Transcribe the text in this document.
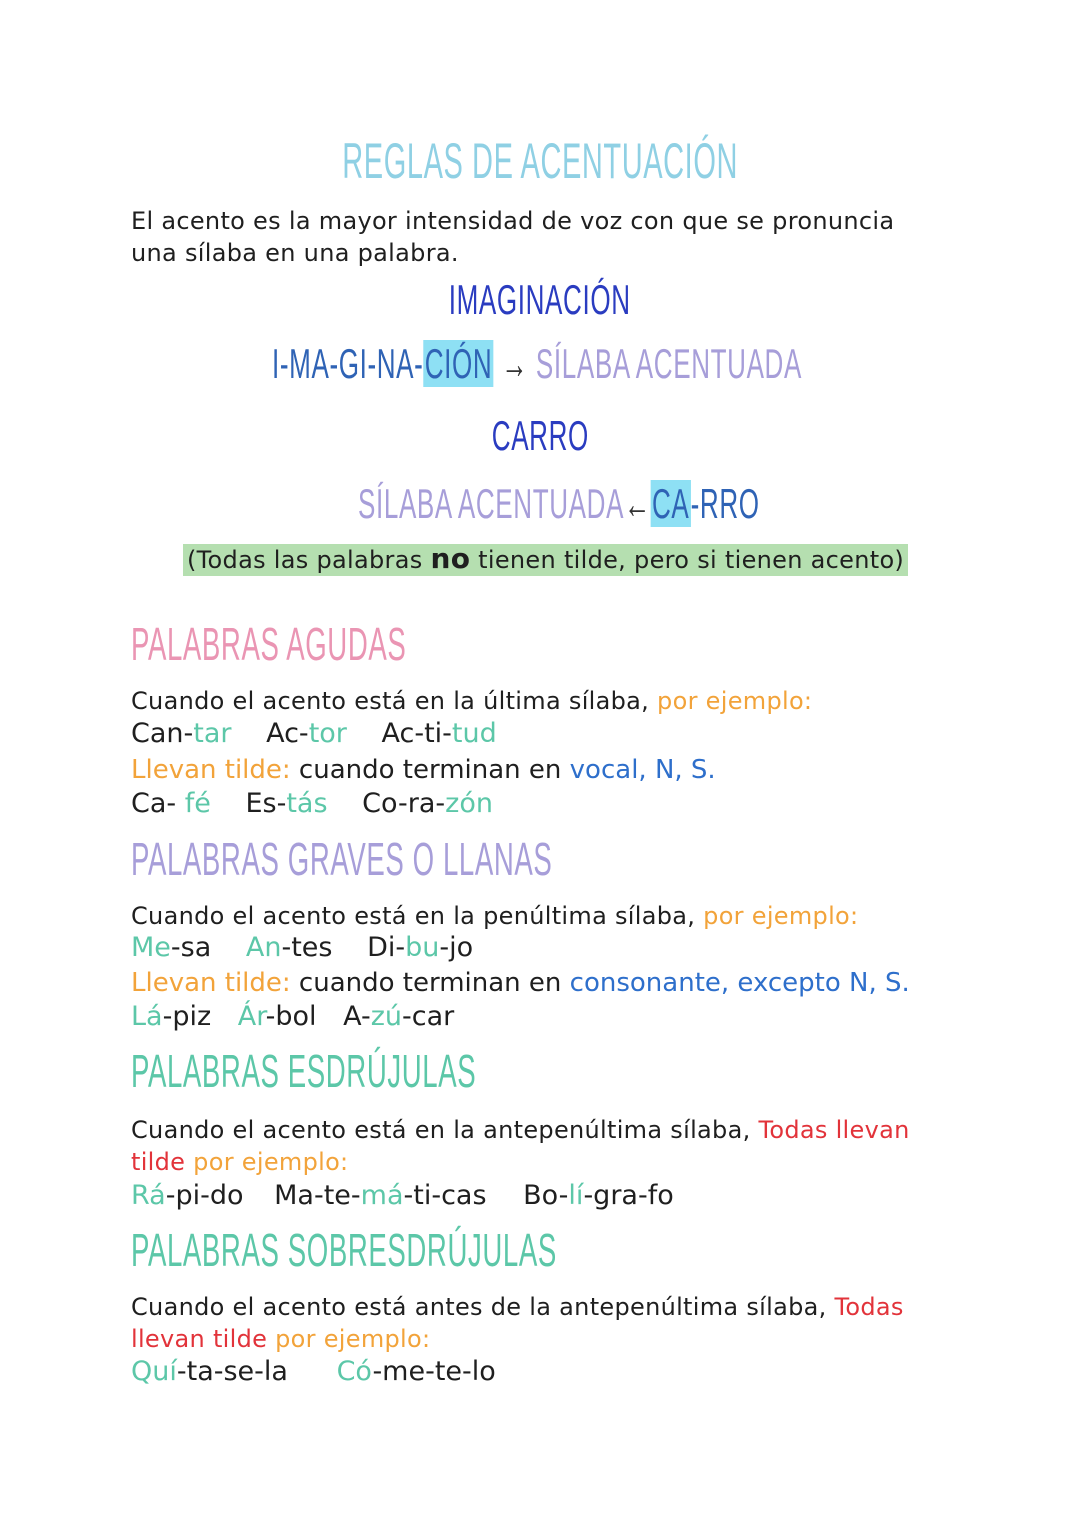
REGLAS DE ACENTUACIÓN
El acento es la mayor intensidad de voz con que se pronuncia
una sílaba en una palabra.
IMAGINACIÓN
I-MA-GI-NA-CIÓN → SÍLABA ACENTUADA
CARRO
SÍLABA ACENTUADA←CA-RRO
(Todas las palabras no tienen tilde, pero si tienen acento)
PALABRAS AGUDAS
Cuando el acento está en la última sílaba, por ejemplo:
Can-tar Ac-tor Ac-ti-tud
Llevan tilde: cuando terminan en vocal, N, S.
Ca- fé Es-tás Co-ra-zón
PALABRAS GRAVES O LLANAS
Cuando el acento está en la penúltima sílaba, por ejemplo:
Me-sa An-tes Di-bu-jo
Llevan tilde: cuando terminan en consonante, excepto N, S.
Lá-piz Ár-bol A-zú-car
PALABRAS ESDRÚJULAS
Cuando el acento está en la antepenúltima sílaba, Todas llevan
tilde por ejemplo:
Rá-pi-do Ma-te-má-ti-cas Bo-lí-gra-fo
PALABRAS SOBRESDRÚJULAS
Cuando el acento está antes de la antepenúltima sílaba, Todas
llevan tilde por ejemplo:
Quí-ta-se-la Có-me-te-lo
